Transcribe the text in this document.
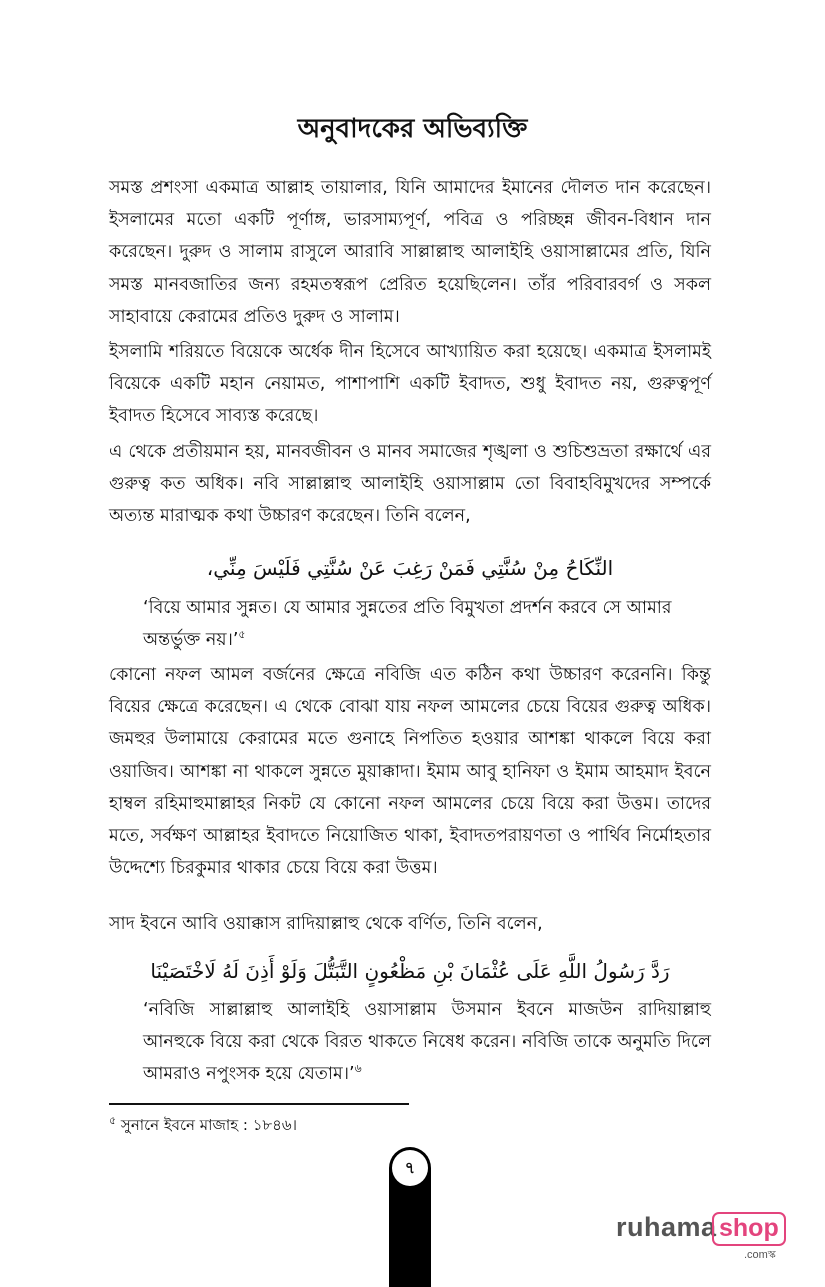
অনুবাদকের অভিব্যক্তি

সমস্ত প্রশংসা একমাত্র আল্লাহ তায়ালার, যিনি আমাদের ইমানের দৌলত দান করেছেন। ইসলামের মতো একটি পূর্ণাঙ্গ, ভারসাম্যপূর্ণ, পবিত্র ও পরিচ্ছন্ন জীবন-বিধান দান করেছেন। দুরুদ ও সালাম রাসুলে আরাবি সাল্লাল্লাহু আলাইহি ওয়াসাল্লামের প্রতি, যিনি সমস্ত মানবজাতির জন্য রহমতস্বরূপ প্রেরিত হয়েছিলেন। তাঁর পরিবারবর্গ ও সকল সাহাবায়ে কেরামের প্রতিও দুরুদ ও সালাম।

ইসলামি শরিয়তে বিয়েকে অর্ধেক দীন হিসেবে আখ্যায়িত করা হয়েছে। একমাত্র ইসলামই বিয়েকে একটি মহান নেয়ামত, পাশাপাশি একটি ইবাদত, শুধু ইবাদত নয়, গুরুত্বপূর্ণ ইবাদত হিসেবে সাব্যস্ত করেছে।

এ থেকে প্রতীয়মান হয়, মানবজীবন ও মানব সমাজের শৃঙ্খলা ও শুচিশুভ্রতা রক্ষার্থে এর গুরুত্ব কত অধিক। নবি সাল্লাল্লাহু আলাইহি ওয়াসাল্লাম তো বিবাহবিমুখদের সম্পর্কে অত্যন্ত মারাত্মক কথা উচ্চারণ করেছেন। তিনি বলেন,

النِّكَاحُ مِنْ سُنَّتِي فَمَنْ رَغِبَ عَنْ سُنَّتِي فَلَيْسَ مِنِّي،

‘বিয়ে আমার সুন্নত। যে আমার সুন্নতের প্রতি বিমুখতা প্রদর্শন করবে সে আমার অন্তর্ভুক্ত নয়।’$^৫$

কোনো নফল আমল বর্জনের ক্ষেত্রে নবিজি এত কঠিন কথা উচ্চারণ করেননি। কিন্তু বিয়ের ক্ষেত্রে করেছেন। এ থেকে বোঝা যায় নফল আমলের চেয়ে বিয়ের গুরুত্ব অধিক। জমহুর উলামায়ে কেরামের মতে গুনাহে নিপতিত হওয়ার আশঙ্কা থাকলে বিয়ে করা ওয়াজিব। আশঙ্কা না থাকলে সুন্নতে মুয়াক্কাদা। ইমাম আবু হানিফা ও ইমাম আহমাদ ইবনে হাম্বল রহিমাহুমাল্লাহর নিকট যে কোনো নফল আমলের চেয়ে বিয়ে করা উত্তম। তাদের মতে, সর্বক্ষণ আল্লাহর ইবাদতে নিয়োজিত থাকা, ইবাদতপরায়ণতা ও পার্থিব নির্মোহতার উদ্দেশ্যে চিরকুমার থাকার চেয়ে বিয়ে করা উত্তম।

সাদ ইবনে আবি ওয়াক্কাস রাদিয়াল্লাহু থেকে বর্ণিত, তিনি বলেন,

رَدَّ رَسُولُ اللَّهِ عَلَى عُثْمَانَ بْنِ مَظْعُونٍ التَّبَتُّلَ وَلَوْ أَذِنَ لَهُ لَاخْتَصَيْنَا

‘নবিজি সাল্লাল্লাহু আলাইহি ওয়াসাল্লাম উসমান ইবনে মাজউন রাদিয়াল্লাহু আনহুকে বিয়ে করা থেকে বিরত থাকতে নিষেধ করেন। নবিজি তাকে অনুমতি দিলে আমরাও নপুংসক হয়ে যেতাম।’$^৬$

$^৫$ সুনানে ইবনে মাজাহ : ১৮৪৬।

৭
ruhama shop
.comস্ক
